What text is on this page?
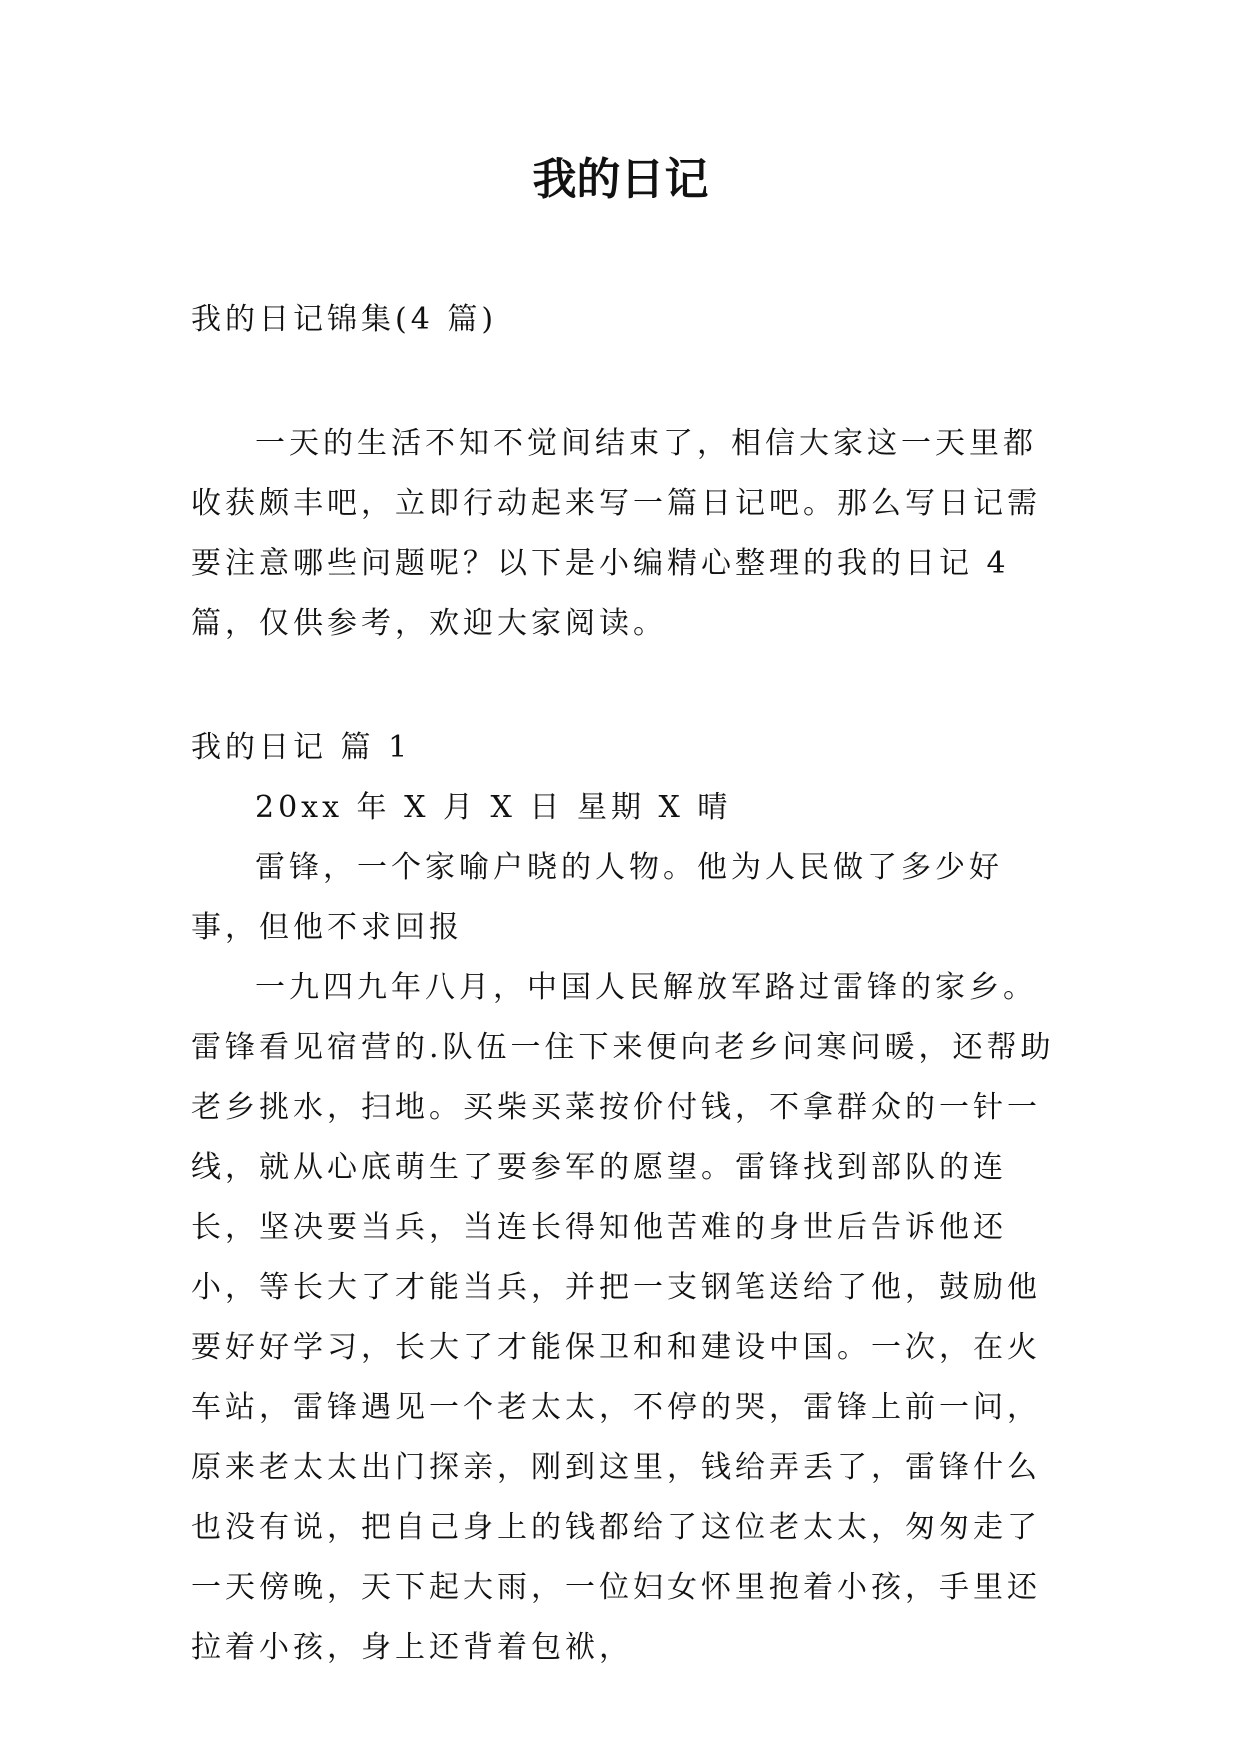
我的日记

我的日记锦集(4 篇)

一天的生活不知不觉间结束了，相信大家这一天里都收获颇丰吧，立即行动起来写一篇日记吧。那么写日记需要注意哪些问题呢？以下是小编精心整理的我的日记 4 篇，仅供参考，欢迎大家阅读。

我的日记 篇 1

20xx 年 X 月 X 日 星期 X 晴

雷锋，一个家喻户晓的人物。他为人民做了多少好事，但他不求回报

一九四九年八月，中国人民解放军路过雷锋的家乡。雷锋看见宿营的.队伍一住下来便向老乡问寒问暖，还帮助老乡挑水，扫地。买柴买菜按价付钱，不拿群众的一针一线，就从心底萌生了要参军的愿望。雷锋找到部队的连长，坚决要当兵，当连长得知他苦难的身世后告诉他还小，等长大了才能当兵，并把一支钢笔送给了他，鼓励他要好好学习，长大了才能保卫和和建设中国。一次，在火车站，雷锋遇见一个老太太，不停的哭，雷锋上前一问，原来老太太出门探亲，刚到这里，钱给弄丢了，雷锋什么也没有说，把自己身上的钱都给了这位老太太，匆匆走了一天傍晚，天下起大雨，一位妇女怀里抱着小孩，手里还拉着小孩，身上还背着包袱，
